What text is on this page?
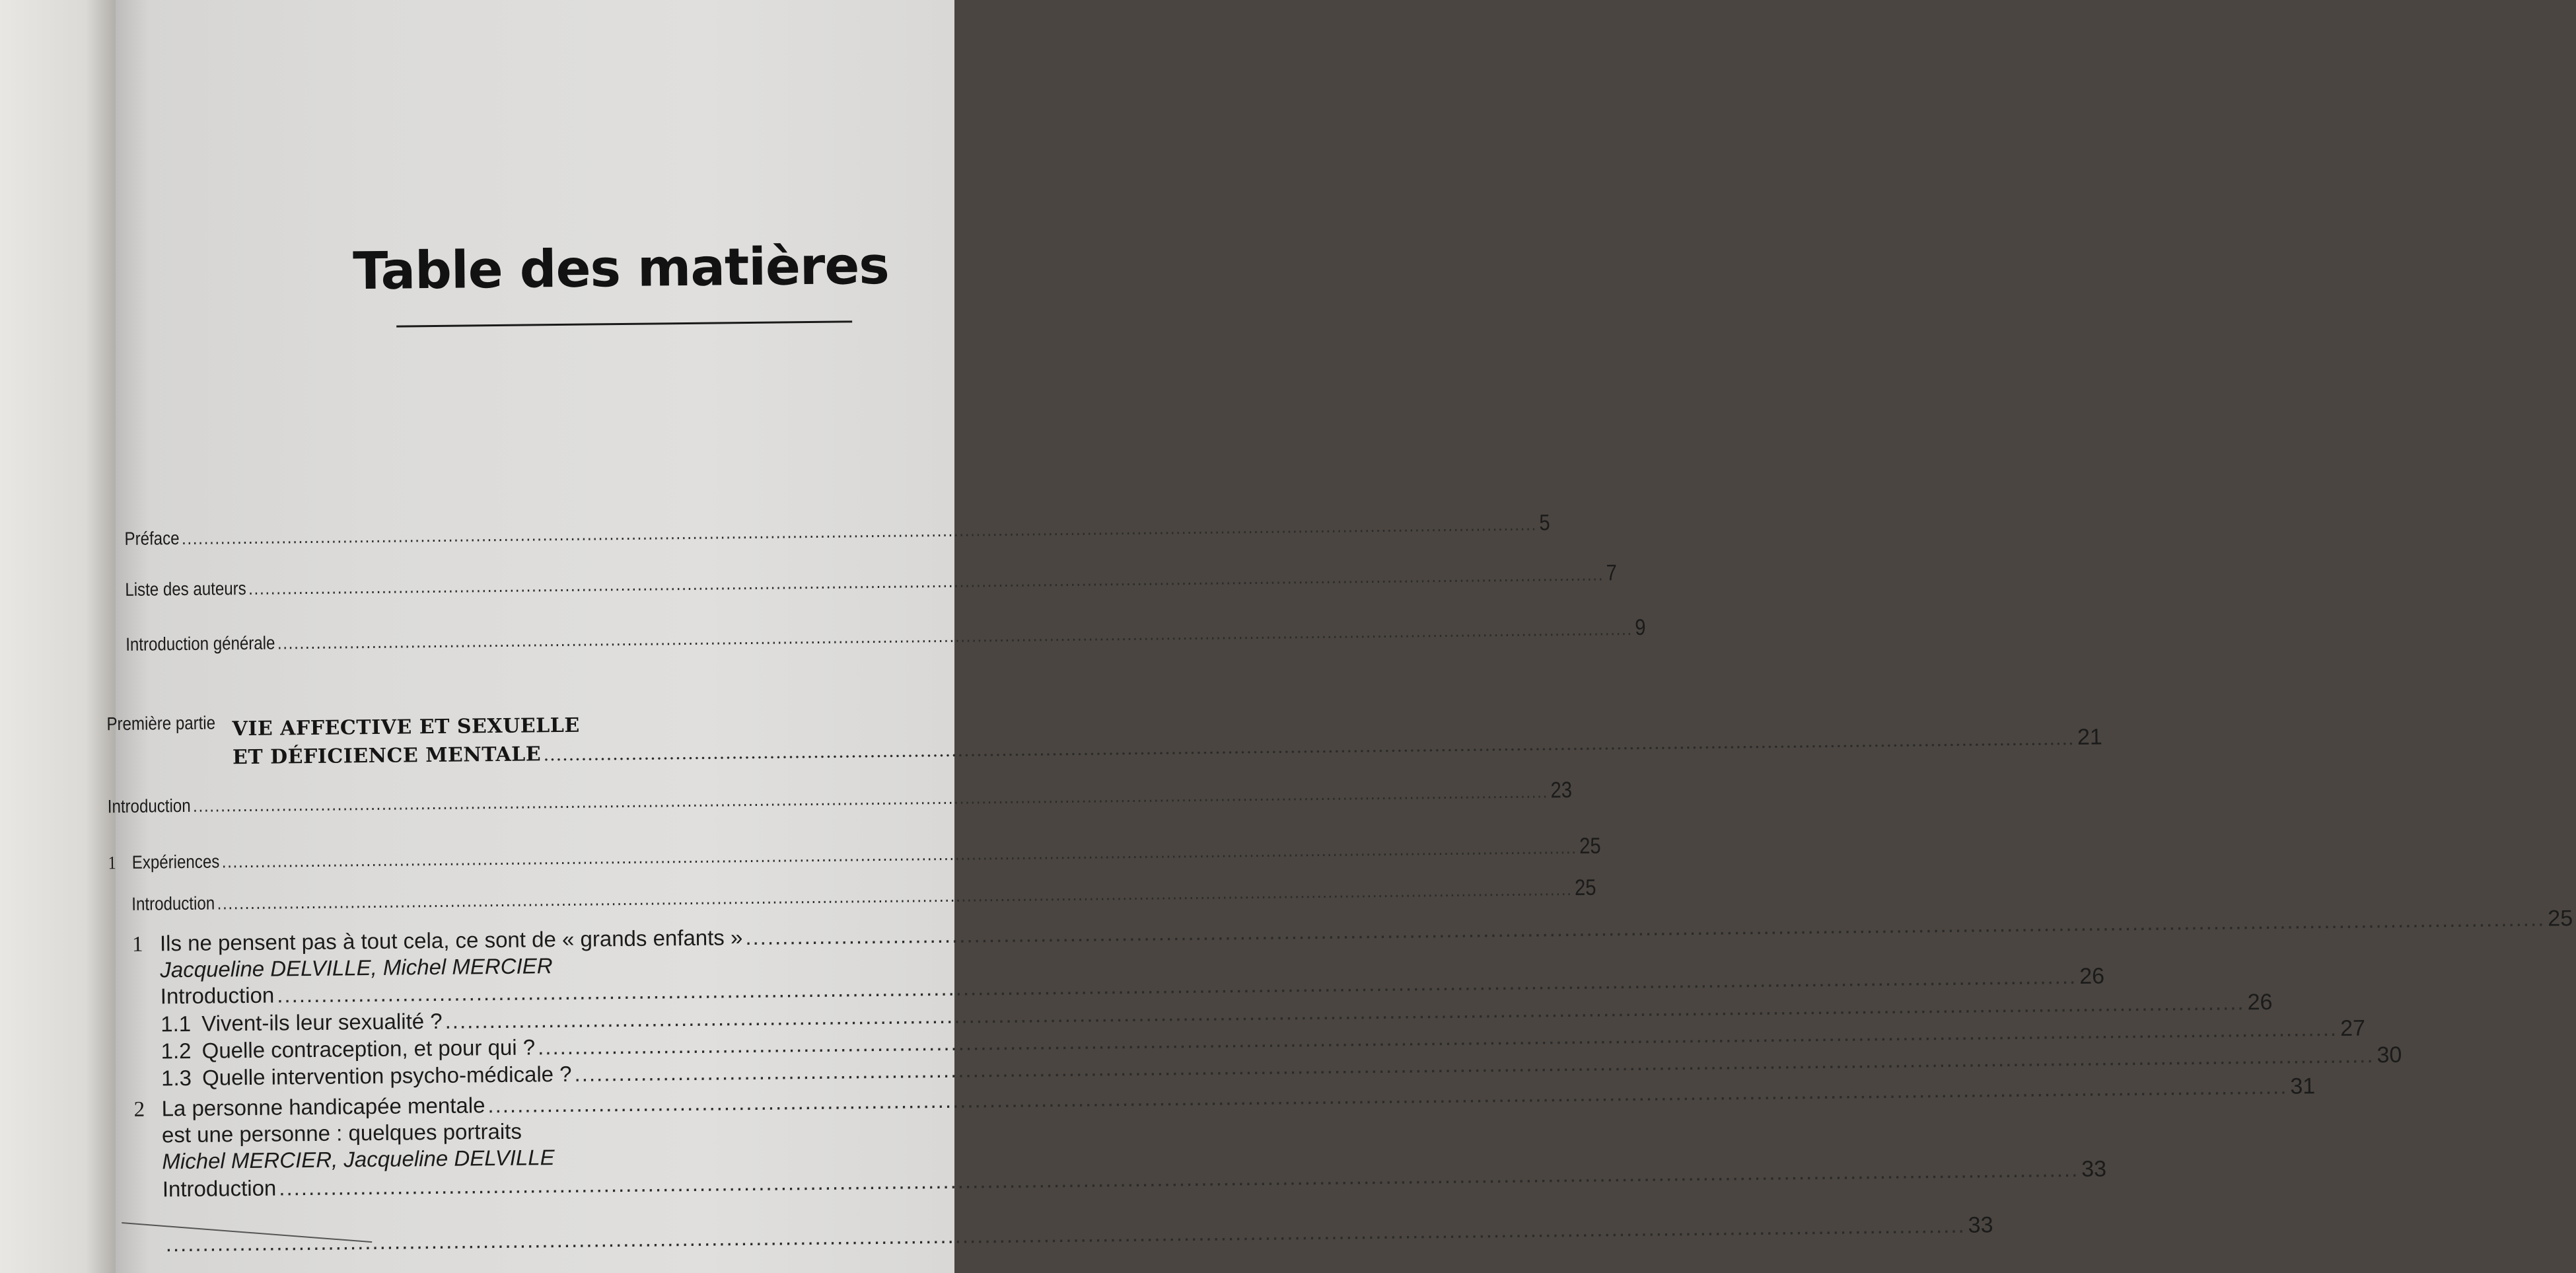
Table des matières
Préface
.....
5
Liste des auteurs
.....
7
Introduction générale
.....
9
Première partie VIE AFFECTIVE ET SEXUELLE
ET DÉFICIENCE MENTALE
.....
21
Introduction
.....
23
1 Expériences
.....
25
Introduction
.....
25
1 Ils ne pensent pas à tout cela, ce sont de « grands enfants »
.....
25
Jacqueline DELVILLE, Michel MERCIER
Introduction
.....
26
1.1 Vivent-ils leur sexualité ?
.....
26
1.2 Quelle contraception, et pour qui ?
.....
27
1.3 Quelle intervention psycho-médicale ?
.....
30
2 La personne handicapée mentale
.....
31
est une personne : quelques portraits
Michel MERCIER, Jacqueline DELVILLE
Introduction
.....
33
.....
33
